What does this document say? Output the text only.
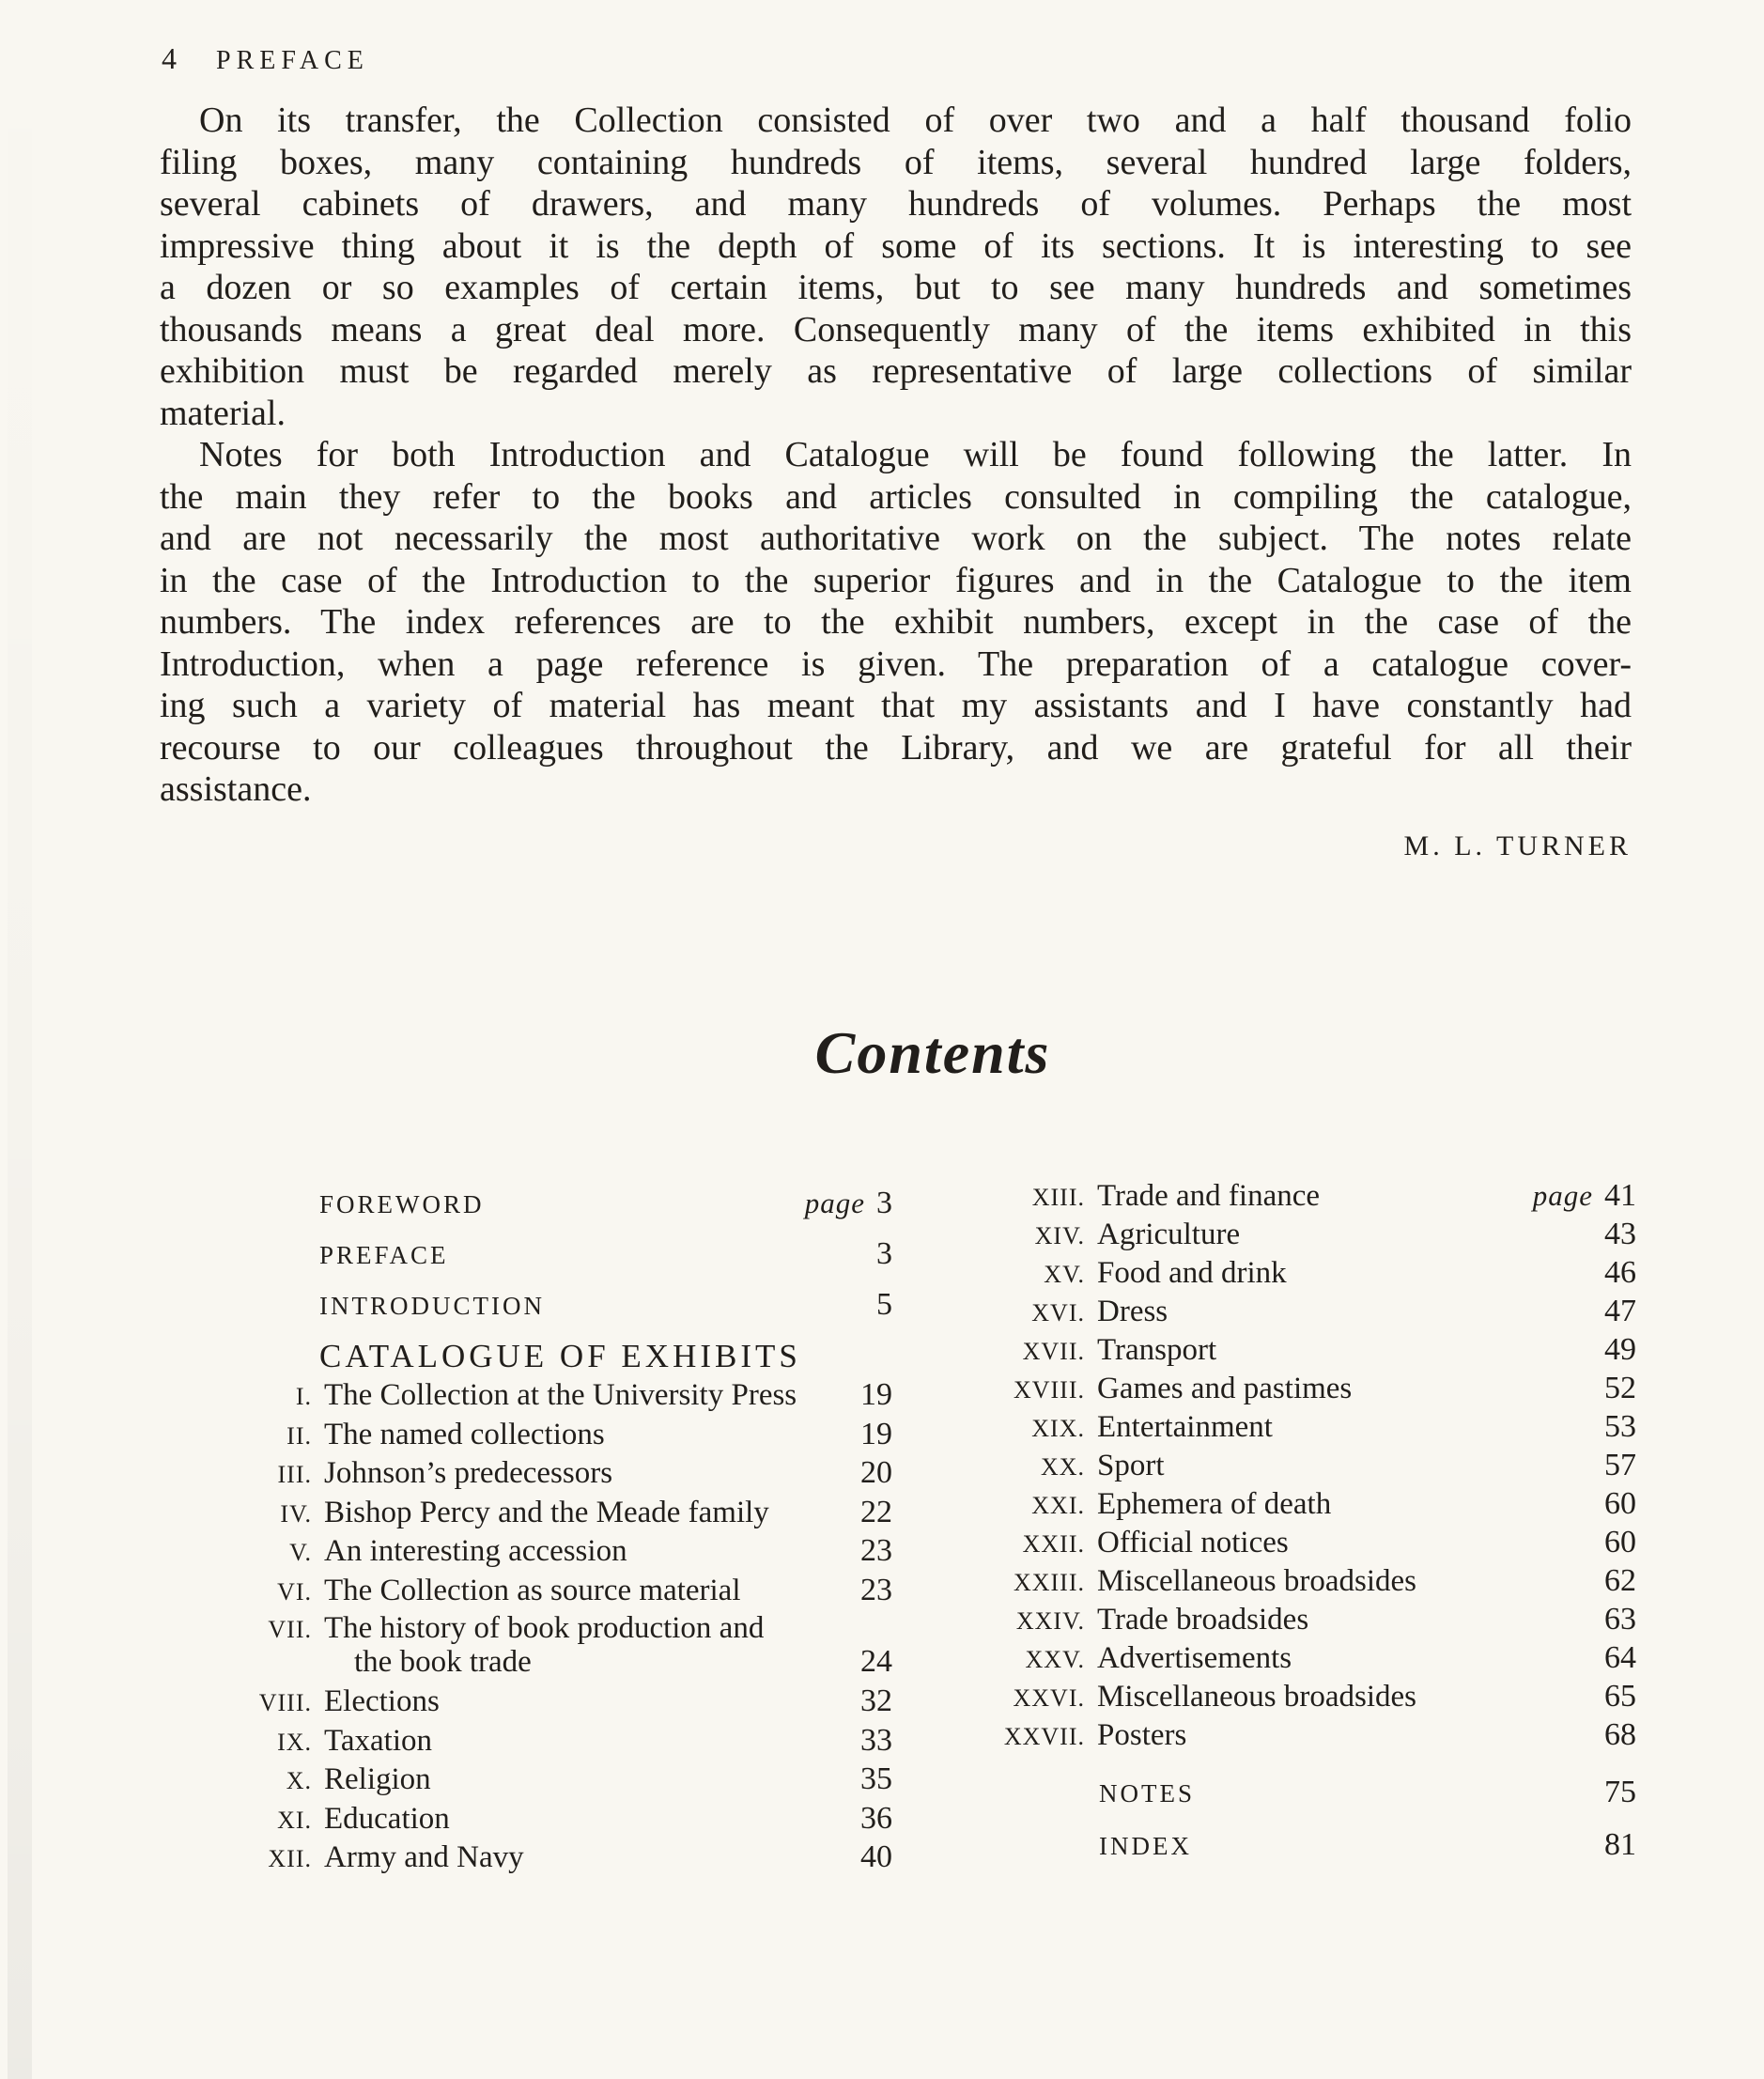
4 PREFACE
On its transfer, the Collection consisted of over two and a half thousand folio
filing boxes, many containing hundreds of items, several hundred large folders,
several cabinets of drawers, and many hundreds of volumes. Perhaps the most
impressive thing about it is the depth of some of its sections. It is interesting to see
a dozen or so examples of certain items, but to see many hundreds and sometimes
thousands means a great deal more. Consequently many of the items exhibited in this
exhibition must be regarded merely as representative of large collections of similar
material.
Notes for both Introduction and Catalogue will be found following the latter. In
the main they refer to the books and articles consulted in compiling the catalogue,
and are not necessarily the most authoritative work on the subject. The notes relate
in the case of the Introduction to the superior figures and in the Catalogue to the item
numbers. The index references are to the exhibit numbers, except in the case of the
Introduction, when a page reference is given. The preparation of a catalogue cover-
ing such a variety of material has meant that my assistants and I have constantly had
recourse to our colleagues throughout the Library, and we are grateful for all their
assistance.
M. L. TURNER
Contents
FOREWORD	page 3
PREFACE	3
INTRODUCTION	5
CATALOGUE OF EXHIBITS
I. The Collection at the University Press 19
II. The named collections	19
III. Johnson’s predecessors	20
IV. Bishop Percy and the Meade family	22
V. An interesting accession	23
VI. The Collection as source material	23
VII. The history of book production and
the book trade	24
VIII. Elections	32
IX. Taxation	33
X. Religion	35
XI. Education	36
XII. Army and Navy	40
XIII. Trade and finance	page 41
XIV. Agriculture	43
XV. Food and drink	46
XVI. Dress	47
XVII. Transport	49
XVIII. Games and pastimes	52
XIX. Entertainment	53
XX. Sport	57
XXI. Ephemera of death	60
XXII. Official notices	60
XXIII. Miscellaneous broadsides	62
XXIV. Trade broadsides	63
XXV. Advertisements	64
XXVI. Miscellaneous broadsides	65
XXVII. Posters	68
NOTES	75
INDEX	81
